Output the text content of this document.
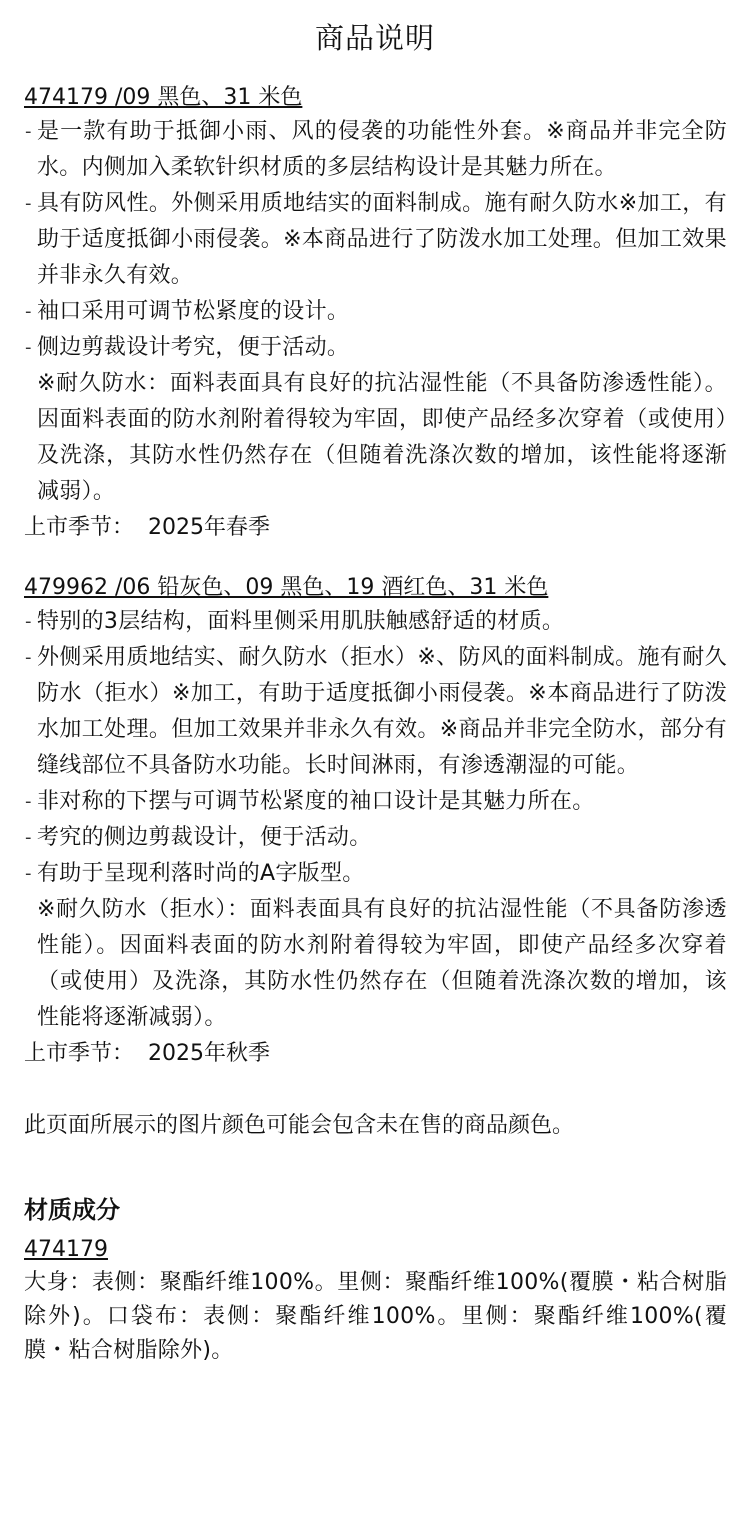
商品说明
474179 /09 黑色、31 米色
- 是一款有助于抵御小雨、风的侵袭的功能性外套。※商品并非完全防水。内侧加入柔软针织材质的多层结构设计是其魅力所在。
- 具有防风性。外侧采用质地结实的面料制成。施有耐久防水※加工，有助于适度抵御小雨侵袭。※本商品进行了防泼水加工处理。但加工效果并非永久有效。
- 袖口采用可调节松紧度的设计。
- 侧边剪裁设计考究，便于活动。
※耐久防水：面料表面具有良好的抗沾湿性能（不具备防渗透性能）。因面料表面的防水剂附着得较为牢固，即使产品经多次穿着（或使用）及洗涤，其防水性仍然存在（但随着洗涤次数的增加，该性能将逐渐减弱）。
上市季节： 2025年春季
479962 /06 铅灰色、09 黑色、19 酒红色、31 米色
- 特别的3层结构，面料里侧采用肌肤触感舒适的材质。
- 外侧采用质地结实、耐久防水（拒水）※、防风的面料制成。施有耐久防水（拒水）※加工，有助于适度抵御小雨侵袭。※本商品进行了防泼水加工处理。但加工效果并非永久有效。※商品并非完全防水，部分有缝线部位不具备防水功能。长时间淋雨，有渗透潮湿的可能。
- 非对称的下摆与可调节松紧度的袖口设计是其魅力所在。
- 考究的侧边剪裁设计，便于活动。
- 有助于呈现利落时尚的A字版型。
※耐久防水（拒水）：面料表面具有良好的抗沾湿性能（不具备防渗透性能）。因面料表面的防水剂附着得较为牢固，即使产品经多次穿着（或使用）及洗涤，其防水性仍然存在（但随着洗涤次数的增加，该性能将逐渐减弱）。
上市季节： 2025年秋季
此页面所展示的图片颜色可能会包含未在售的商品颜色。
材质成分
474179
大身：表侧：聚酯纤维100%。里侧：聚酯纤维100%(覆膜・粘合树脂除外)。口袋布：表侧：聚酯纤维100%。里侧：聚酯纤维100%(覆膜・粘合树脂除外)。
